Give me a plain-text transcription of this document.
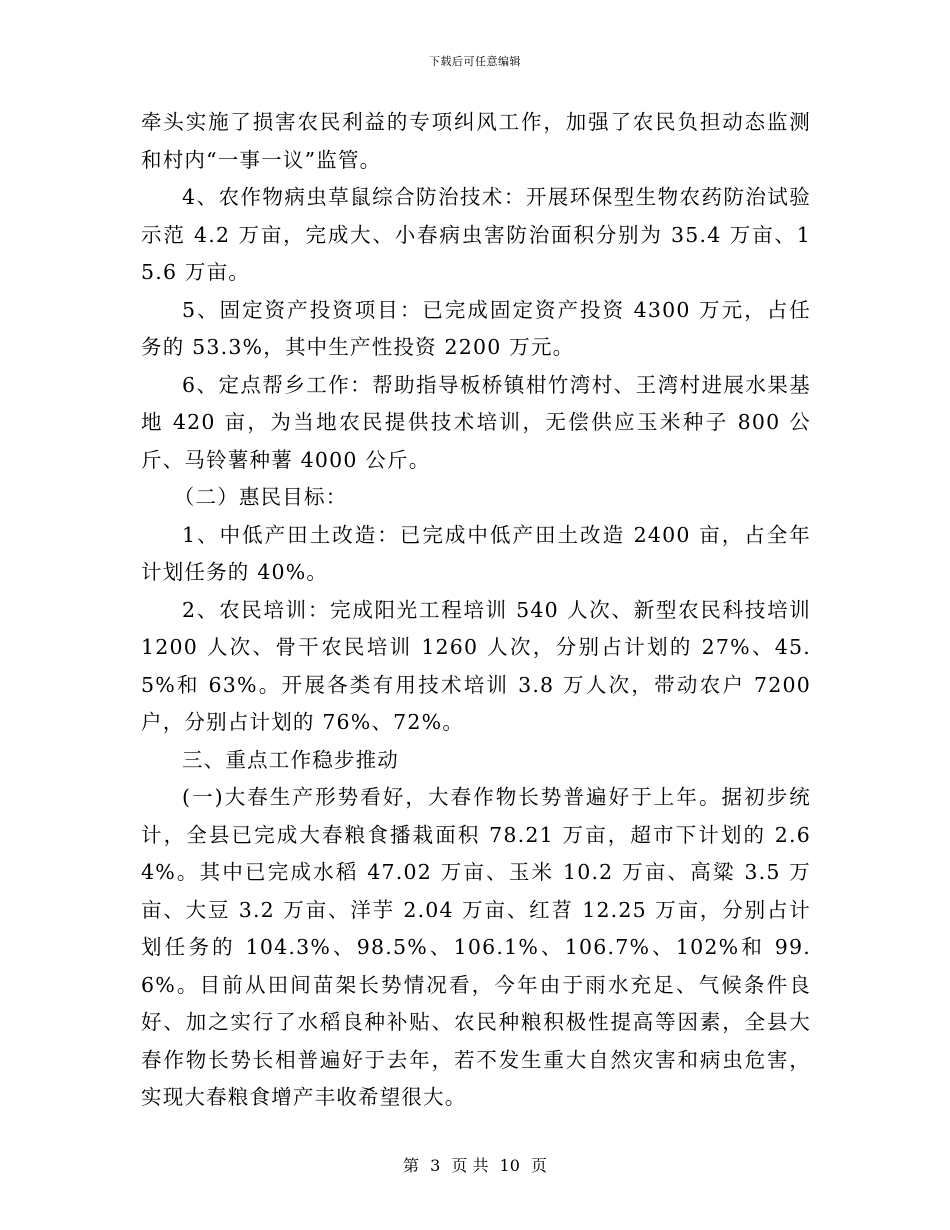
下载后可任意编辑

牵头实施了损害农民利益的专项纠风工作，加强了农民负担动态监测和村内“一事一议”监管。

4、农作物病虫草鼠综合防治技术：开展环保型生物农药防治试验示范 4.2 万亩，完成大、小春病虫害防治面积分别为 35.4 万亩、15.6 万亩。

5、固定资产投资项目：已完成固定资产投资 4300 万元，占任务的 53.3%，其中生产性投资 2200 万元。

6、定点帮乡工作：帮助指导板桥镇柑竹湾村、王湾村进展水果基地 420 亩，为当地农民提供技术培训，无偿供应玉米种子 800 公斤、马铃薯种薯 4000 公斤。

（二）惠民目标：

1、中低产田土改造：已完成中低产田土改造 2400 亩，占全年计划任务的 40%。

2、农民培训：完成阳光工程培训 540 人次、新型农民科技培训 1200 人次、骨干农民培训 1260 人次，分别占计划的 27%、45.5%和 63%。开展各类有用技术培训 3.8 万人次，带动农户 7200 户，分别占计划的 76%、72%。

三、重点工作稳步推动

(一)大春生产形势看好，大春作物长势普遍好于上年。据初步统计，全县已完成大春粮食播栽面积 78.21 万亩，超市下计划的 2.64%。其中已完成水稻 47.02 万亩、玉米 10.2 万亩、高粱 3.5 万亩、大豆 3.2 万亩、洋芋 2.04 万亩、红苕 12.25 万亩，分别占计划任务的 104.3%、98.5%、106.1%、106.7%、102%和 99.6%。目前从田间苗架长势情况看，今年由于雨水充足、气候条件良好、加之实行了水稻良种补贴、农民种粮积极性提高等因素，全县大春作物长势长相普遍好于去年，若不发生重大自然灾害和病虫危害，实现大春粮食增产丰收希望很大。

第 3 页 共 10 页
